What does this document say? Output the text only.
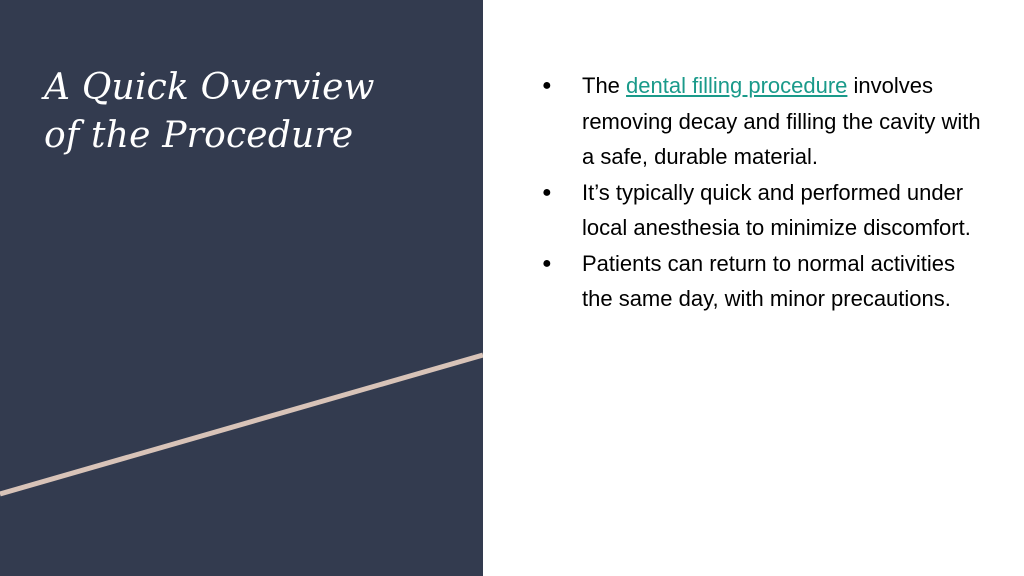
A Quick Overview
of the Procedure
● The dental filling procedure involves removing decay and filling the cavity with a safe, durable material.
● It’s typically quick and performed under local anesthesia to minimize discomfort.
● Patients can return to normal activities the same day, with minor precautions.
